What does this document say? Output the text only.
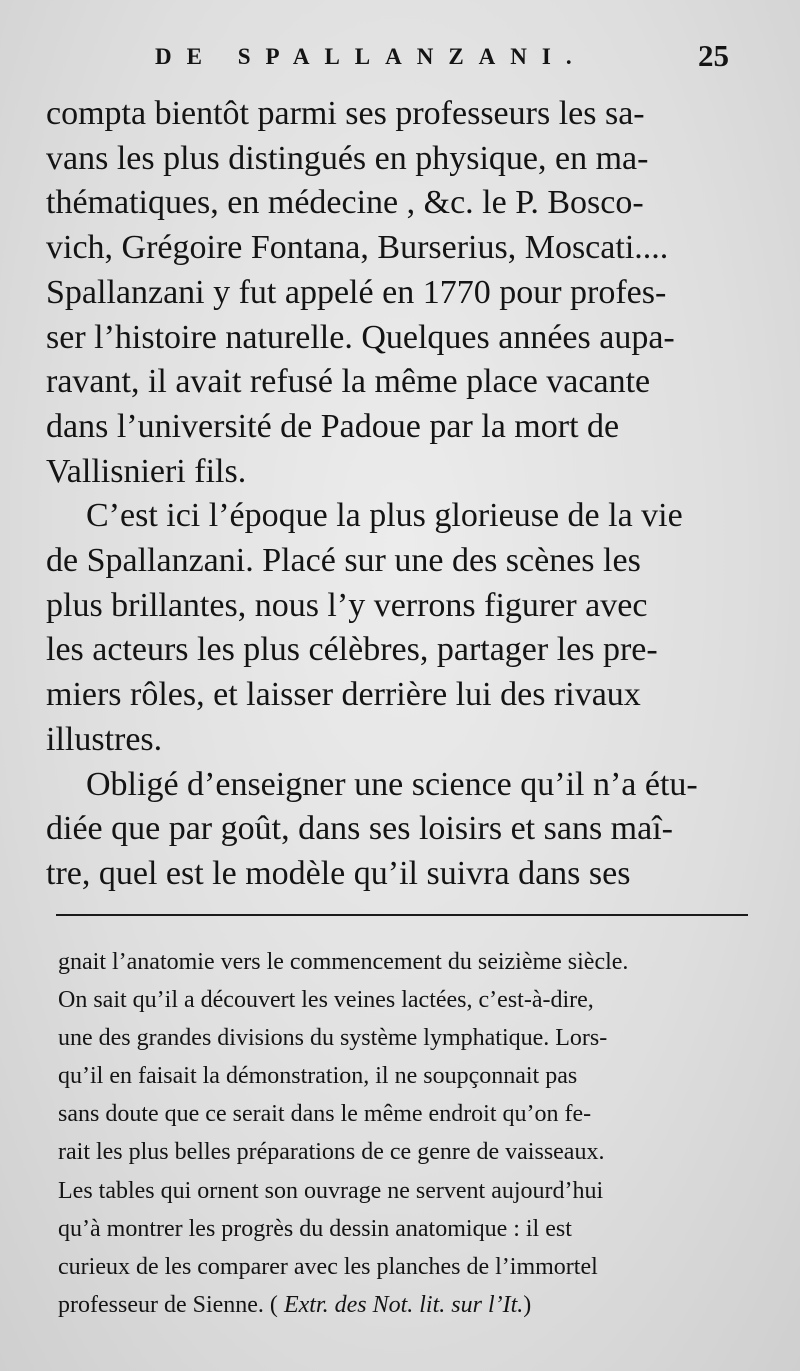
DE SPALLANZANI.	25

compta bientôt parmi ses professeurs les sa-
vans les plus distingués en physique, en ma-
thématiques, en médecine , &c. le P. Bosco-
vich, Grégoire Fontana, Burserius, Moscati....
Spallanzani y fut appelé en 1770 pour profes-
ser l’histoire naturelle. Quelques années aupa-
ravant, il avait refusé la même place vacante
dans l’université de Padoue par la mort de
Vallisnieri fils.

C’est ici l’époque la plus glorieuse de la vie
de Spallanzani. Placé sur une des scènes les
plus brillantes, nous l’y verrons figurer avec
les acteurs les plus célèbres, partager les pre-
miers rôles, et laisser derrière lui des rivaux
illustres.

Obligé d’enseigner une science qu’il n’a étu-
diée que par goût, dans ses loisirs et sans maî-
tre, quel est le modèle qu’il suivra dans ses

gnait l’anatomie vers le commencement du seizième siècle.
On sait qu’il a découvert les veines lactées, c’est-à-dire,
une des grandes divisions du système lymphatique. Lors-
qu’il en faisait la démonstration, il ne soupçonnait pas
sans doute que ce serait dans le même endroit qu’on fe-
rait les plus belles préparations de ce genre de vaisseaux.
Les tables qui ornent son ouvrage ne servent aujourd’hui
qu’à montrer les progrès du dessin anatomique : il est
curieux de les comparer avec les planches de l’immortel
professeur de Sienne. ( Extr. des Not. lit. sur l’It.)
